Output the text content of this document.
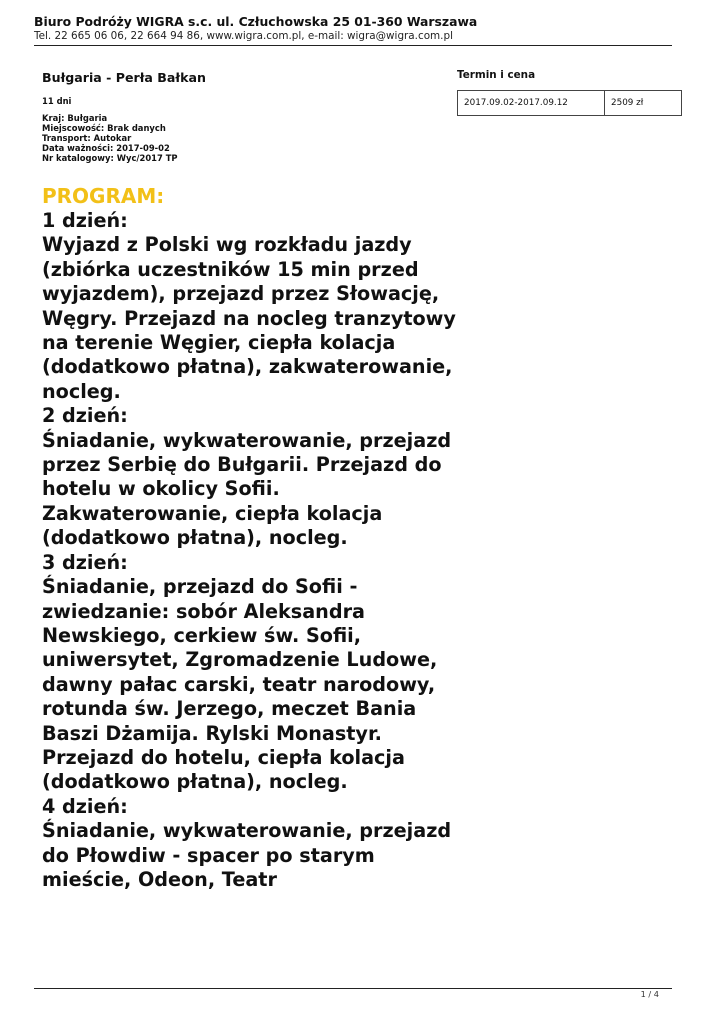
Biuro Podróży WIGRA s.c. ul. Człuchowska 25 01-360 Warszawa
Tel. 22 665 06 06, 22 664 94 86, www.wigra.com.pl, e-mail: wigra@wigra.com.pl
Bułgaria - Perła Bałkan
11 dni
Kraj: Bułgaria
Miejscowość: Brak danych
Transport: Autokar
Data ważności: 2017-09-02
Nr katalogowy: Wyc/2017 TP
Termin i cena
2017.09.02-2017.09.12	2509 zł
PROGRAM:
1 dzień:
Wyjazd z Polski wg rozkładu jazdy (zbiórka uczestników 15 min przed wyjazdem), przejazd przez Słowację, Węgry. Przejazd na nocleg tranzytowy na terenie Węgier, ciepła kolacja (dodatkowo płatna), zakwaterowanie, nocleg.
2 dzień:
Śniadanie, wykwaterowanie, przejazd przez Serbię do Bułgarii. Przejazd do hotelu w okolicy Sofii. Zakwaterowanie, ciepła kolacja (dodatkowo płatna), nocleg.
3 dzień:
Śniadanie, przejazd do Sofii - zwiedzanie: sobór Aleksandra Newskiego, cerkiew św. Sofii, uniwersytet, Zgromadzenie Ludowe, dawny pałac carski, teatr narodowy, rotunda św. Jerzego, meczet Bania Baszi Dżamija. Rylski Monastyr. Przejazd do hotelu, ciepła kolacja (dodatkowo płatna), nocleg.
4 dzień:
Śniadanie, wykwaterowanie, przejazd do Płowdiw - spacer po starym mieście, Odeon, Teatr
1 / 4
